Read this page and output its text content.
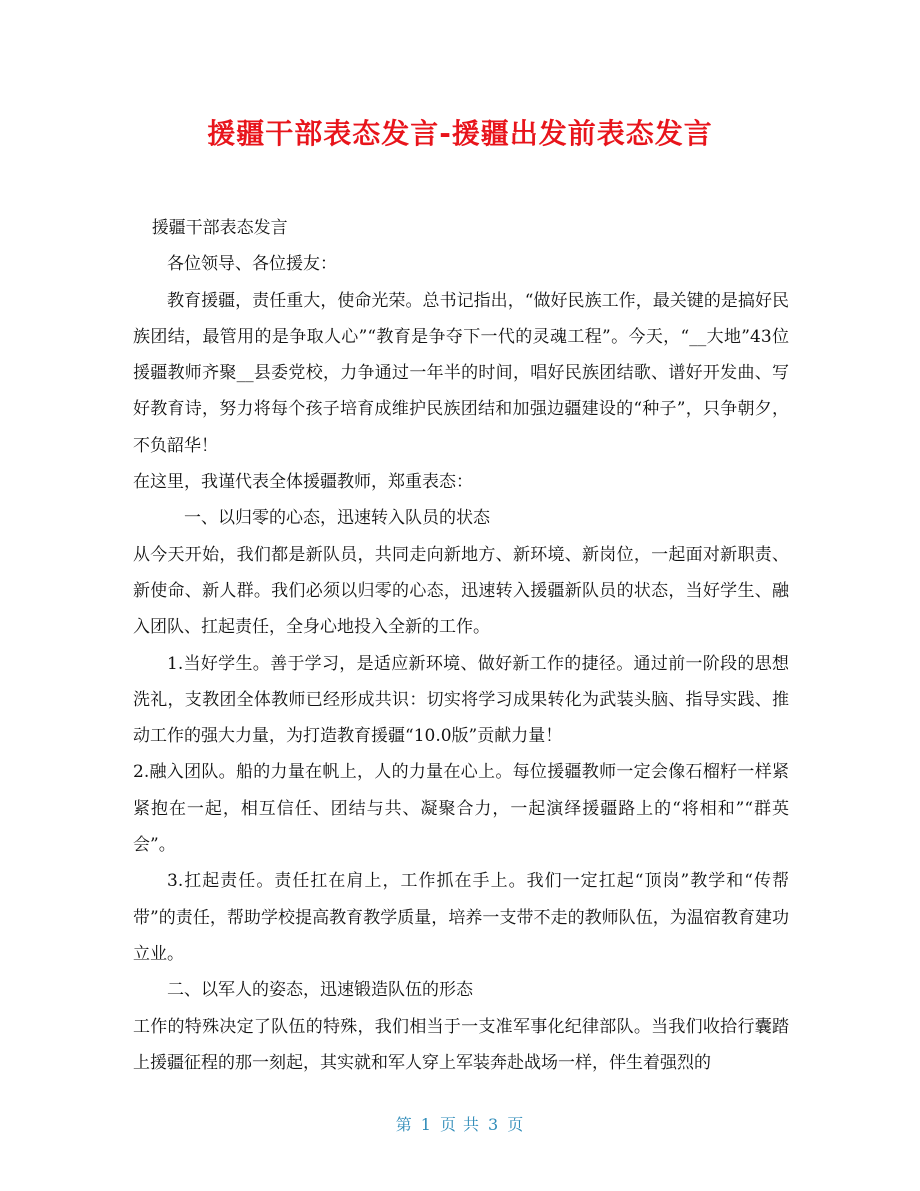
援疆干部表态发言-援疆出发前表态发言

援疆干部表态发言

各位领导、各位援友：

教育援疆，责任重大，使命光荣。总书记指出，“做好民族工作，最关键的是搞好民族团结，最管用的是争取人心”“教育是争夺下一代的灵魂工程”。今天，“__大地”43位援疆教师齐聚__县委党校，力争通过一年半的时间，唱好民族团结歌、谱好开发曲、写好教育诗，努力将每个孩子培育成维护民族团结和加强边疆建设的“种子”，只争朝夕，不负韶华！

在这里，我谨代表全体援疆教师，郑重表态：

一、以归零的心态，迅速转入队员的状态

从今天开始，我们都是新队员，共同走向新地方、新环境、新岗位，一起面对新职责、新使命、新人群。我们必须以归零的心态，迅速转入援疆新队员的状态，当好学生、融入团队、扛起责任，全身心地投入全新的工作。

1.当好学生。善于学习，是适应新环境、做好新工作的捷径。通过前一阶段的思想洗礼，支教团全体教师已经形成共识：切实将学习成果转化为武装头脑、指导实践、推动工作的强大力量，为打造教育援疆“10.0版”贡献力量！

2.融入团队。船的力量在帆上，人的力量在心上。每位援疆教师一定会像石榴籽一样紧紧抱在一起，相互信任、团结与共、凝聚合力，一起演绎援疆路上的“将相和”“群英会”。

3.扛起责任。责任扛在肩上，工作抓在手上。我们一定扛起“顶岗”教学和“传帮带”的责任，帮助学校提高教育教学质量，培养一支带不走的教师队伍，为温宿教育建功立业。

二、以军人的姿态，迅速锻造队伍的形态

工作的特殊决定了队伍的特殊，我们相当于一支准军事化纪律部队。当我们收拾行囊踏上援疆征程的那一刻起，其实就和军人穿上军装奔赴战场一样，伴生着强烈的

第 1 页 共 3 页
